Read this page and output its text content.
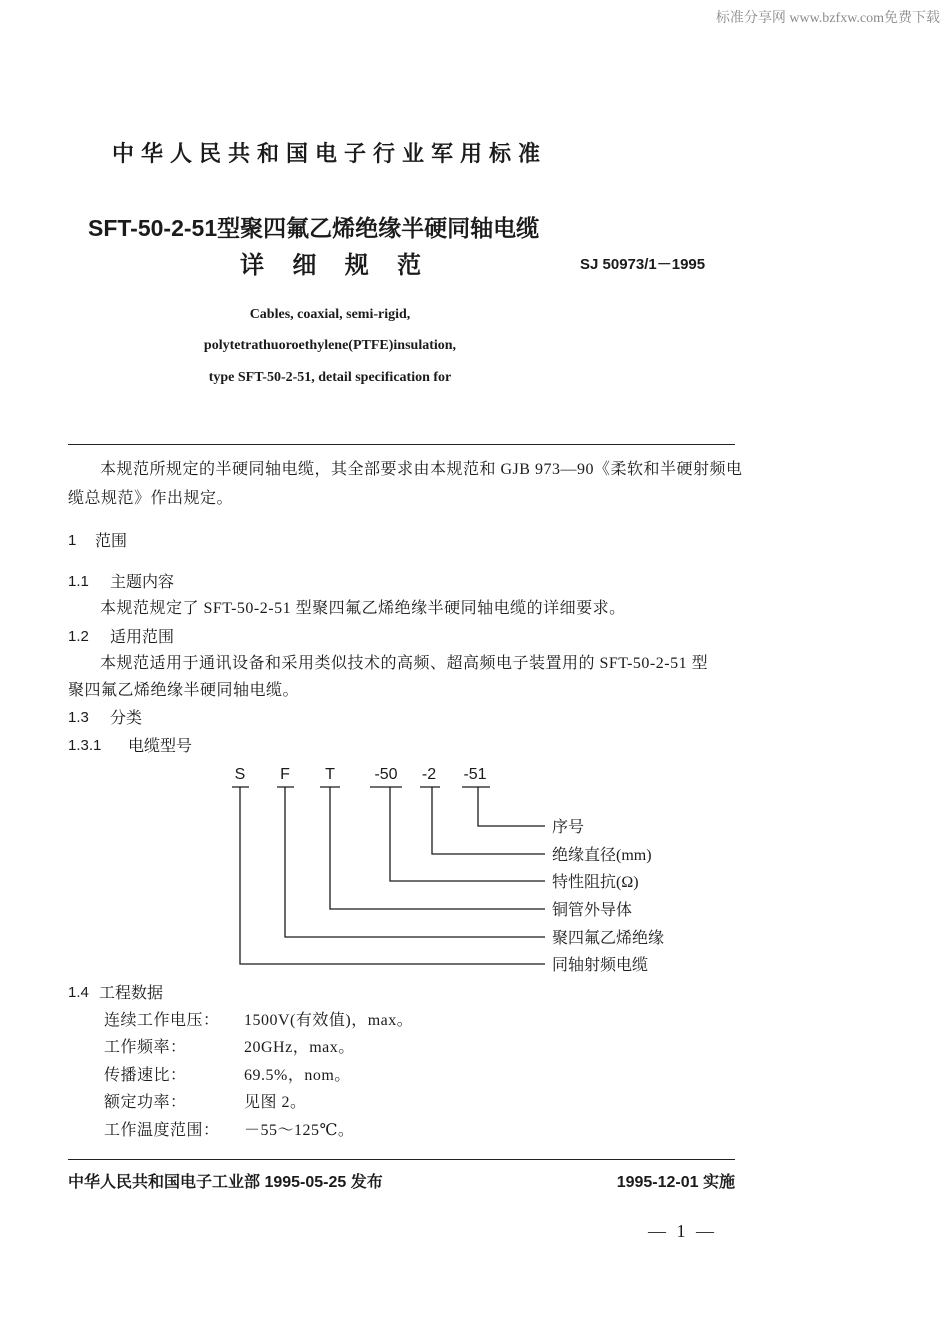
标准分享网 www.bzfxw.com免费下载
中华人民共和国电子行业军用标准
SFT-50-2-51型聚四氟乙烯绝缘半硬同轴电缆
详 细 规 范	SJ 50973/1－1995
Cables, coaxial, semi-rigid,
polytetrathuoroethylene(PTFE)insulation,
type SFT-50-2-51, detail specification for
本规范所规定的半硬同轴电缆，其全部要求由本规范和 GJB 973—90《柔软和半硬射频电
缆总规范》作出规定。
1 范围
1.1 主题内容
本规范规定了 SFT-50-2-51 型聚四氟乙烯绝缘半硬同轴电缆的详细要求。
1.2 适用范围
本规范适用于通讯设备和采用类似技术的高频、超高频电子装置用的 SFT-50-2-51 型
聚四氟乙烯绝缘半硬同轴电缆。
1.3 分类
1.3.1 电缆型号
S F T -50 -2 -51
序号
绝缘直径(mm)
特性阻抗(Ω)
铜管外导体
聚四氟乙烯绝缘
同轴射频电缆
1.4 工程数据
连续工作电压： 1500V(有效值)，max。
工作频率：	20GHz，max。
传播速比：	69.5%，nom。
额定功率：	见图 2。
工作温度范围： －55～125℃。
中华人民共和国电子工业部 1995-05-25 发布	1995-12-01 实施
— 1 —
